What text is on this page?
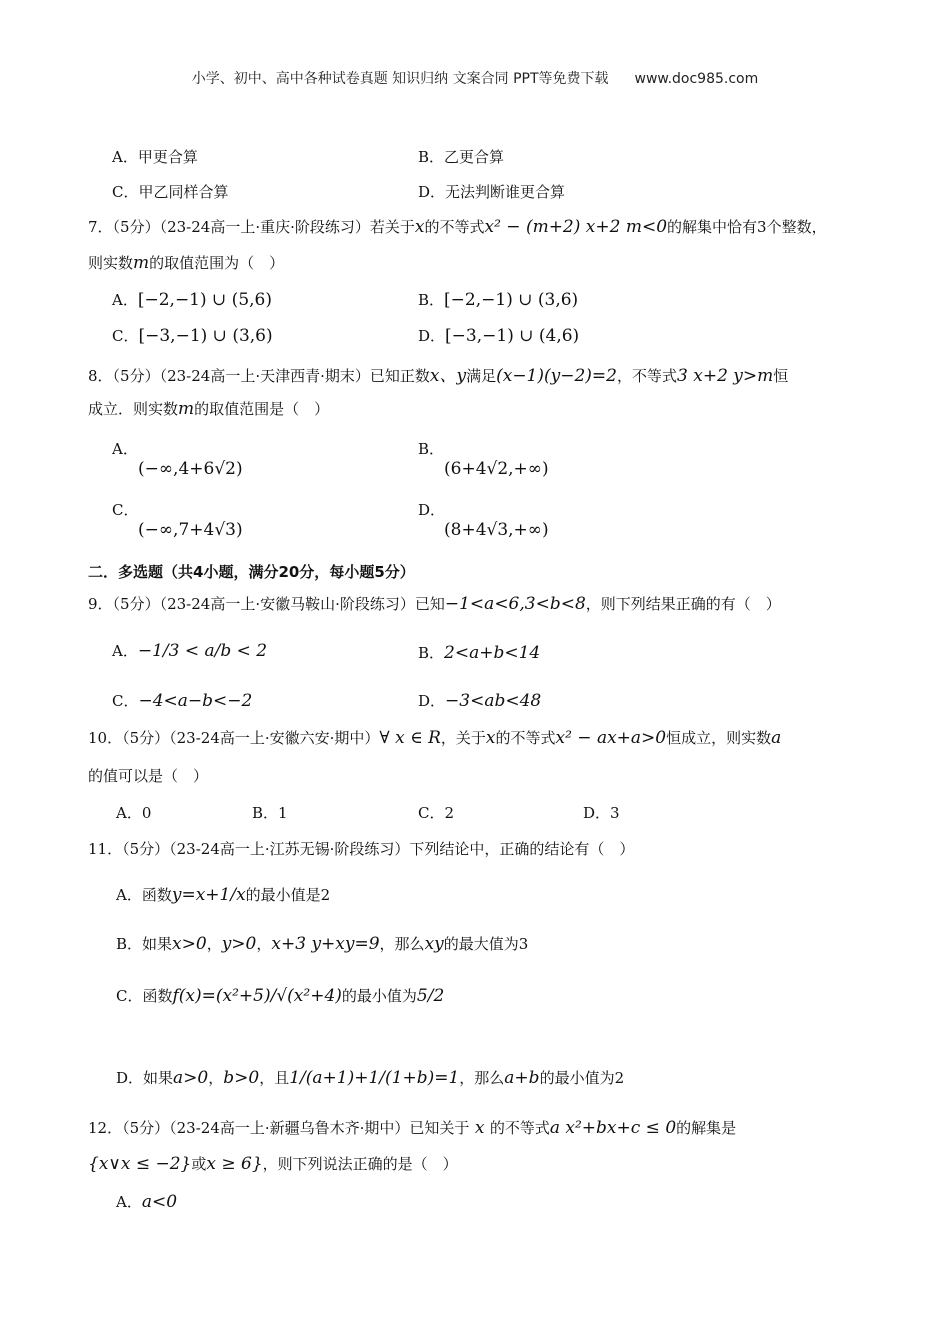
小学、初中、高中各种试卷真题 知识归纳 文案合同 PPT等免费下载 www.doc985.com
A．甲更合算	B．乙更合算
C．甲乙同样合算	D．无法判断谁更合算
7．（5分）（23-24高一上·重庆·阶段练习）若关于x的不等式x² − (m+2) x+2 m<0的解集中恰有3个整数，
则实数m的取值范围为（　）
A．[−2,−1) ∪ (5,6)	B．[−2,−1) ∪ (3,6)
C．[−3,−1) ∪ (3,6)	D．[−3,−1) ∪ (4,6)
8．（5分）（23-24高一上·天津西青·期末）已知正数x、y满足(x−1)(y−2)=2，不等式3 x+2 y>m恒
成立．则实数m的取值范围是（　）
A．
(−∞,4+6√2)
B．
(6+4√2,+∞)
C．
(−∞,7+4√3)
D．
(8+4√3,+∞)
二．多选题（共4小题，满分20分，每小题5分）
9．（5分）（23-24高一上·安徽马鞍山·阶段练习）已知−1<a<6,3<b<8，则下列结果正确的有（　）
A．−1/3 < a/b < 2	B．2<a+b<14
C．−4<a−b<−2	D．−3<ab<48
10．（5分）（23-24高一上·安徽六安·期中）∀ x ∈ R，关于x的不等式x² − ax+a>0恒成立，则实数a
的值可以是（　）
A．0	B．1	C．2	D．3
11．（5分）（23-24高一上·江苏无锡·阶段练习）下列结论中，正确的结论有（　）
A．函数y=x+1/x的最小值是2
B．如果x>0，y>0，x+3 y+xy=9，那么xy的最大值为3
C．函数f(x)=(x²+5)/√(x²+4)的最小值为5/2
D．如果a>0，b>0，且1/(a+1)+1/(1+b)=1，那么a+b的最小值为2
12．（5分）（23-24高一上·新疆乌鲁木齐·期中）已知关于 x 的不等式a x²+bx+c ≤ 0的解集是
{x∨x ≤ −2}或x ≥ 6}，则下列说法正确的是（　）
A．a<0
